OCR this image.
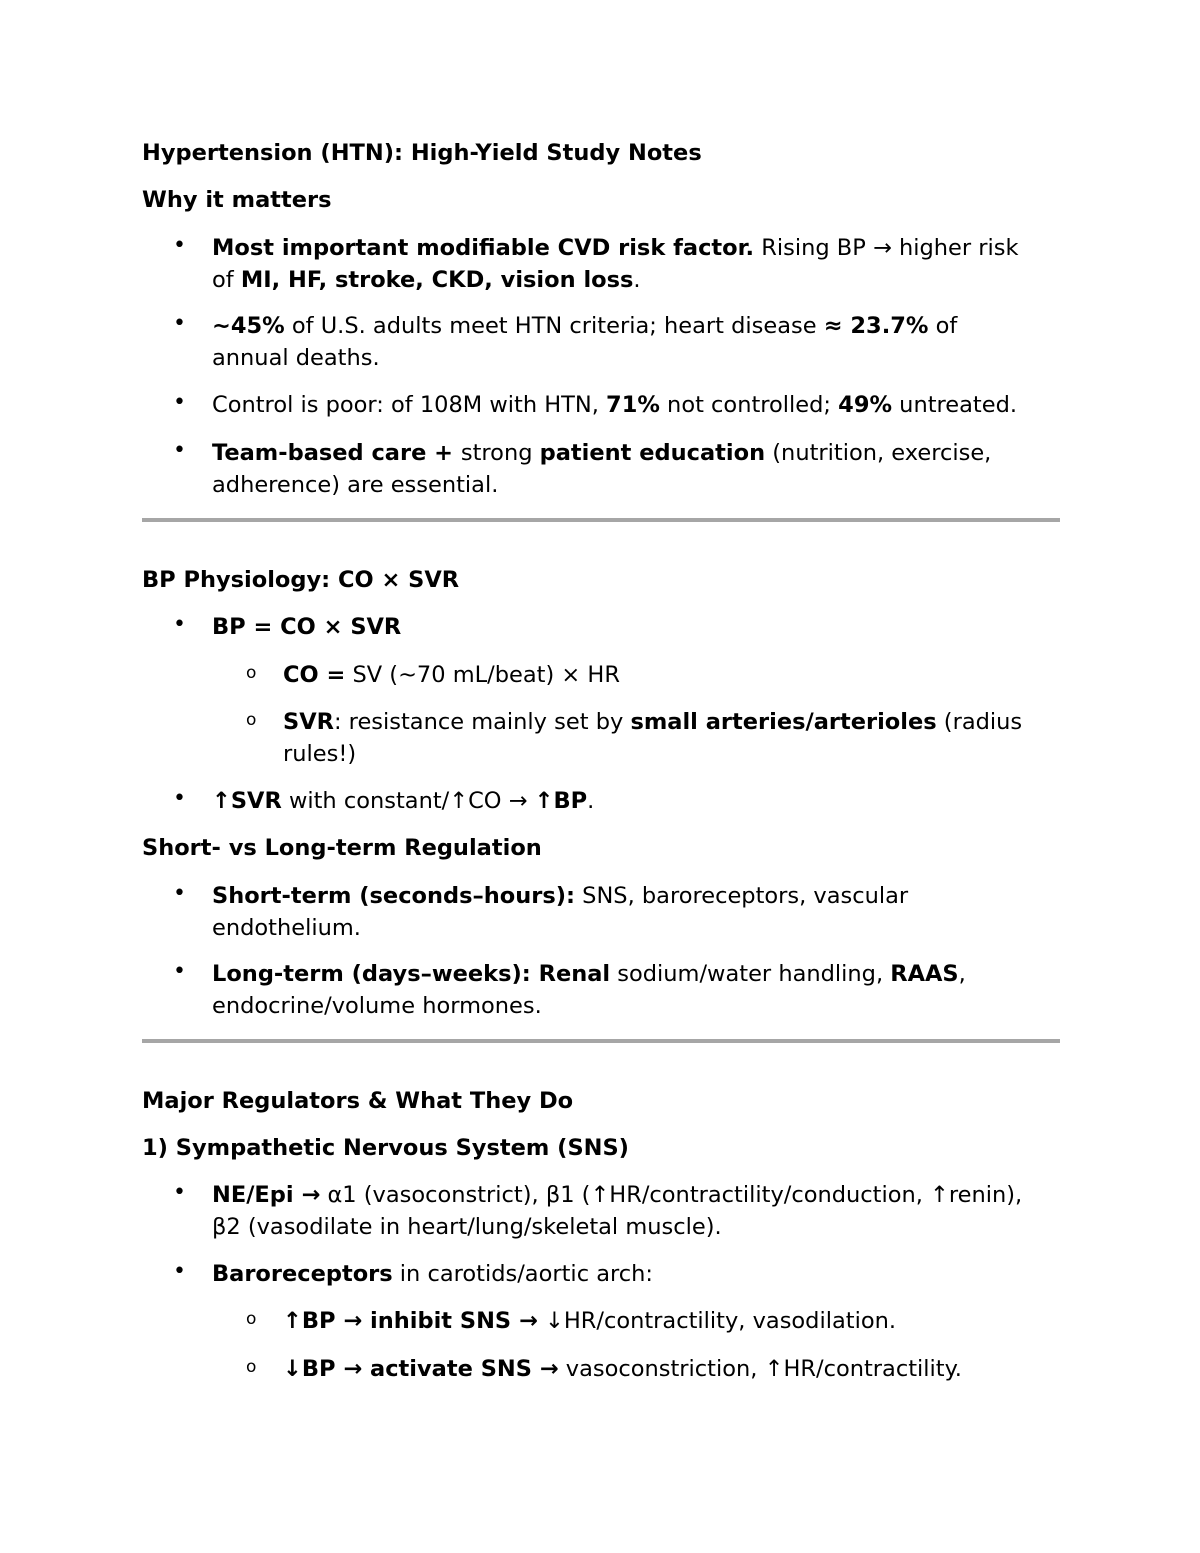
Hypertension (HTN): High-Yield Study Notes
Why it matters
• Most important modifiable CVD risk factor. Rising BP → higher risk
of MI, HF, stroke, CKD, vision loss.
• ~45% of U.S. adults meet HTN criteria; heart disease ≈ 23.7% of
annual deaths.
• Control is poor: of 108M with HTN, 71% not controlled; 49% untreated.
• Team-based care + strong patient education (nutrition, exercise,
adherence) are essential.
BP Physiology: CO × SVR
• BP = CO × SVR
o CO = SV (~70 mL/beat) × HR
o SVR: resistance mainly set by small arteries/arterioles (radius
rules!)
• ↑SVR with constant/↑CO → ↑BP.
Short- vs Long-term Regulation
• Short-term (seconds–hours): SNS, baroreceptors, vascular
endothelium.
• Long-term (days–weeks): Renal sodium/water handling, RAAS,
endocrine/volume hormones.
Major Regulators & What They Do
1) Sympathetic Nervous System (SNS)
• NE/Epi → α1 (vasoconstrict), β1 (↑HR/contractility/conduction, ↑renin),
β2 (vasodilate in heart/lung/skeletal muscle).
• Baroreceptors in carotids/aortic arch:
o ↑BP → inhibit SNS → ↓HR/contractility, vasodilation.
o ↓BP → activate SNS → vasoconstriction, ↑HR/contractility.
